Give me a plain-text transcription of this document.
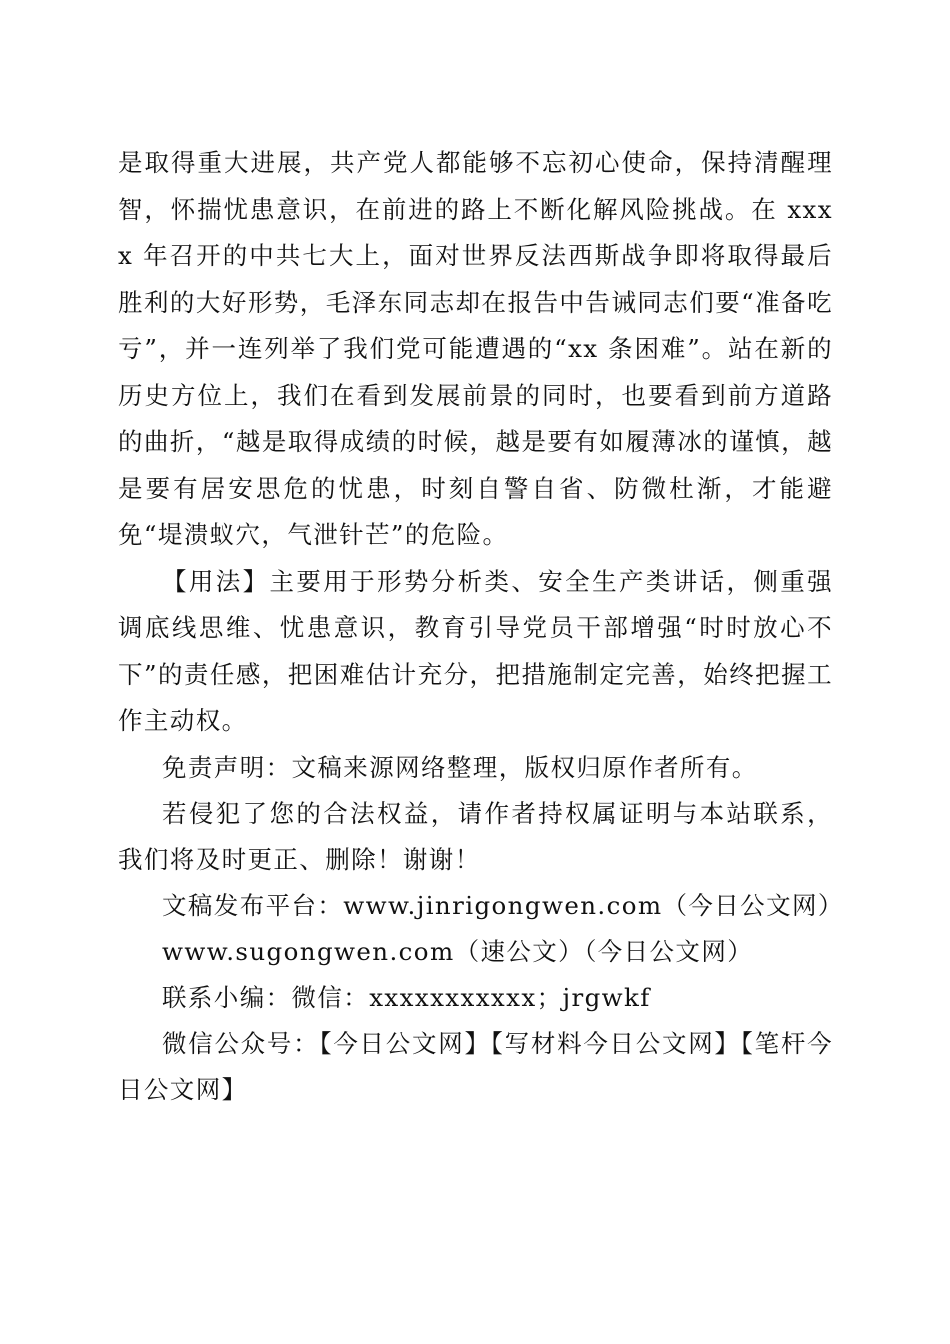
是取得重大进展，共产党人都能够不忘初心使命，保持清醒理智，怀揣忧患意识，在前进的路上不断化解风险挑战。在 xxxx 年召开的中共七大上，面对世界反法西斯战争即将取得最后胜利的大好形势，毛泽东同志却在报告中告诫同志们要“准备吃亏”，并一连列举了我们党可能遭遇的“xx 条困难”。站在新的历史方位上，我们在看到发展前景的同时，也要看到前方道路的曲折，“越是取得成绩的时候，越是要有如履薄冰的谨慎，越是要有居安思危的忧患，时刻自警自省、防微杜渐，才能避免“堤溃蚁穴，气泄针芒”的危险。

【用法】主要用于形势分析类、安全生产类讲话，侧重强调底线思维、忧患意识，教育引导党员干部增强“时时放心不下”的责任感，把困难估计充分，把措施制定完善，始终把握工作主动权。

免责声明：文稿来源网络整理，版权归原作者所有。

若侵犯了您的合法权益，请作者持权属证明与本站联系，我们将及时更正、删除！谢谢！

文稿发布平台：www.jinrigongwen.com（今日公文网）

www.sugongwen.com（速公文）（今日公文网）

联系小编：微信：xxxxxxxxxxx；jrgwkf

微信公众号：【今日公文网】【写材料今日公文网】【笔杆今日公文网】
